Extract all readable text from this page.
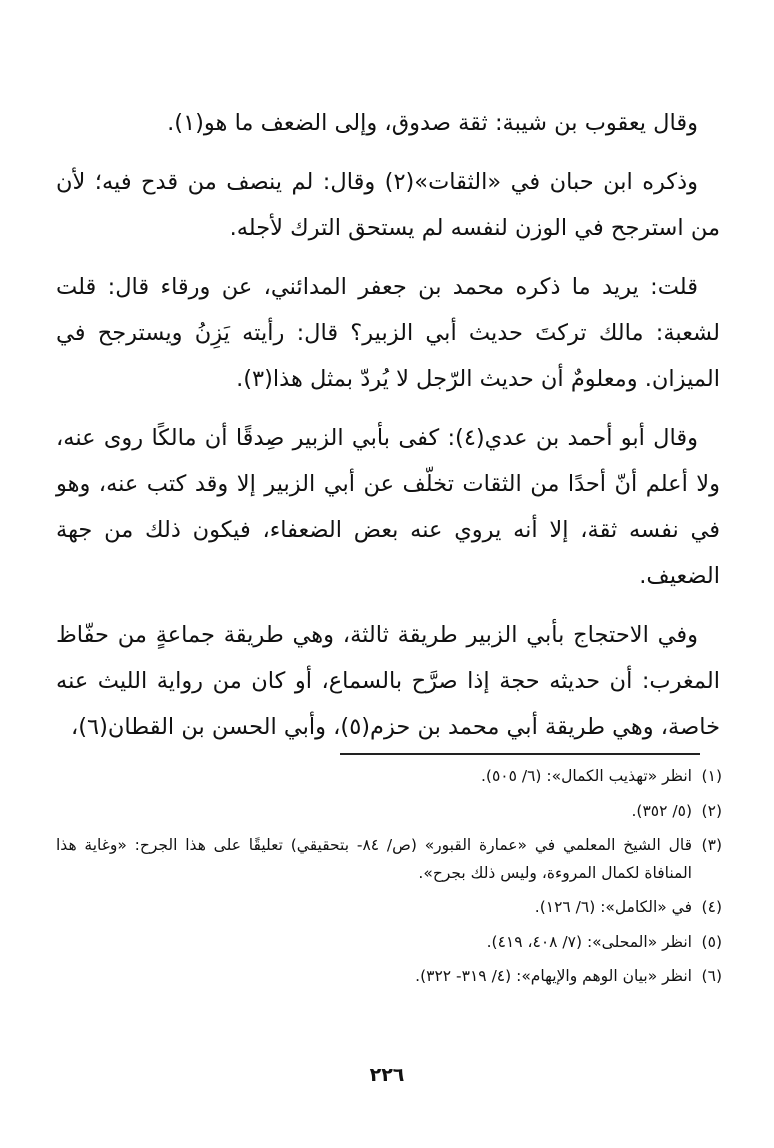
وقال يعقوب بن شيبة: ثقة صدوق، وإلى الضعف ما هو(١).

وذكره ابن حبان في «الثقات»(٢) وقال: لم ينصف من قدح فيه؛ لأن من استرجح في الوزن لنفسه لم يستحق الترك لأجله.

قلت: يريد ما ذكره محمد بن جعفر المدائني، عن ورقاء قال: قلت لشعبة: مالك تركتَ حديث أبي الزبير؟ قال: رأيته يَزِنُ ويسترجح في الميزان. ومعلومٌ أن حديث الرّجل لا يُردّ بمثل هذا(٣).

وقال أبو أحمد بن عدي(٤): كفى بأبي الزبير صِدقًا أن مالكًا روى عنه، ولا أعلم أنّ أحدًا من الثقات تخلّف عن أبي الزبير إلا وقد كتب عنه، وهو في نفسه ثقة، إلا أنه يروي عنه بعض الضعفاء، فيكون ذلك من جهة الضعيف.

وفي الاحتجاج بأبي الزبير طريقة ثالثة، وهي طريقة جماعةٍ من حفّاظ المغرب: أن حديثه حجة إذا صرَّح بالسماع، أو كان من رواية الليث عنه خاصة، وهي طريقة أبي محمد بن حزم(٥)، وأبي الحسن بن القطان(٦)،

(١)
انظر «تهذيب الكمال»: (٦/ ٥٠٥).
(٢)
(٥/ ٣٥٢).
(٣)
قال الشيخ المعلمي في «عمارة القبور» (ص/ ٨٤- بتحقيقي) تعليقًا على هذا الجرح: «وغاية هذا المنافاة لكمال المروءة، وليس ذلك بجرح».
(٤)
في «الكامل»: (٦/ ١٢٦).
(٥)
انظر «المحلى»: (٧/ ٤٠٨، ٤١٩).
(٦)
انظر «بيان الوهم والإيهام»: (٤/ ٣١٩- ٣٢٢).
٢٢٦
